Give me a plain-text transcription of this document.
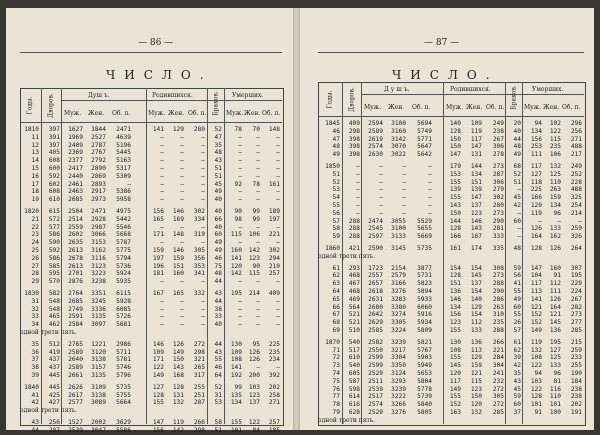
— 86 —
ЧИСЛО.
Годы. Дворов.	Душ ъ.	Родившихся.	Браков. Умерших.
Муж. Жен. Об. п.	Муж. Жен. Об. п.	Муж. Жен. Об. п.
1810	397	1627	1844	2471	141	129	280	52	78	70	148
11	391	1969	2527	4639	—	—	—	47	—	—	—
12	397	2409	2787	5196	—	—	—	35	—	—	—
13	405	2369	2767	5445	—	—	—	48	—	—	—
14	608	2377	2792	5163	—	—	—	43	—	—	—
15	600	2417	2890	5317	—	—	—	51	—	—	—
16	592	2440	2869	5309	—	—	—	51	—	—	—
17	602	2461	2893	—	—	—	—	45	92	78	161
18	608	2463	2917	5386	—	—	—	49	—	—	—
19	610	2685	2973	5958	—	—	—	40	—	—	—
1820	615	2504	2471	4975	156	146	302	40	90	99	189
21	572	2514	2928	5442	165	169	334	66	98	99	197
22	577	2559	2987	5546	—	—	—	40	—	—	—
23	586	2602	3066	5668	171	148	319	60	115	106	221
24	590	2635	3153	5787	—	—	—	49	—	—	—
25	592	2613	3162	5775	159	146	305	49	160	142	302
26	586	2678	3116	5794	197	159	356	46	141	123	294
27	585	2613	3123	5736	196	151	353	75	120	90	210
28	595	2701	3223	5924	181	160	341	48	142	115	257
29	570	2876	3238	5935	—	—	—	44	—	—	—
1830	582	2764	3351	6115	167	165	332	43	195	214	409
31	548	2685	3245	5928	—	—	—	44	—	—	—
32	548	2749	3336	6085	—	—	—	38	—	—	—
33	465	2591	3135	5726	—	—	—	33	—	—	—
34	462	2584	3097	5681	—	—	—	40	—	—	—
одной трети пять.
35	512	2765	1221	2986	146	126	272	44	130	95	225
36	419	2589	3120	5711	109	149	298	43	109	126	235
37	437	2640	3138	5781	171	150	321	55	108	126	234
38	437	2589	3157	5746	122	143	265	46	141	—	—
39	445	2661	3135	5796	149	168	317	64	192	200	392
1840	445	2626	3109	5735	127	128	255	52	99	103	202
41	425	2617	3138	5755	128	131	251	31	135	123	258
42	427	2577	3089	5664	155	132	287	53	134	137	271
одной трети пять.
43	256	1527	2002	3629	147	119	266	58	155	122	257
44	287	2539	3047	5586	156	142	298	51	101	84	185
— 87 —
ЧИСЛО.
Годы.	Дворов.	Д у ш ъ.	Родившихся.	Браков. Умерших.
Муж. Жен. Об. п.	Муж. Жен. Об. п.	Муж. Жен. Об. п.
1845	409	2594	3100	5694	140	109	249	20	94	102	296
46	298	2589	3160	5749	128	119	238	40	134	122	256
47	398	2619	3142	5771	150	117	267	44	156	115	271
48	398	2574	3070	5647	150	147	306	48	253	235	488
49	398	2630	3022	5642	147	131	278	49	111	106	217
1850	—	—	—	—	179	144	273	68	117	132	249
51	—	—	—	—	153	134	287	52	127	125	252
52	—	—	—	—	155	151	306	51	118	110	228
53	—	—	—	—	139	139	279	—	225	263	488
54	—	—	—	—	155	147	302	45	166	159	325
55	—	—	—	—	143	137	280	42	120	134	254
56	—	—	—	—	150	123	273	—	119	96	214
57	288	2474	3055	5529	144	146	290	60	—	—	—
58	288	2545	3100	5655	128	143	281	—	126	133	259
59	288	2597	3133	5669	166	167	333	—	164	162	326
1860	421	2590	3145	5735	161	174	335	48	128	126	264
одной трети пять.
61	293	1723	2154	3877	154	154	308	59	147	160	307
62	468	2557	2579	5731	128	145	273	56	104	91	195
63	467	2657	3166	5823	151	137	288	41	117	112	229
64	468	2618	3276	5894	136	154	290	55	113	111	224
65	469	2631	3283	5933	146	140	286	49	141	126	267
66	564	2680	3380	6060	134	129	263	60	121	164	282
67	521	2642	3274	5916	156	154	310	55	152	121	273
68	521	2629	3305	5934	123	112	235	26	152	145	277
69	510	2585	3224	5809	155	133	288	57	149	136	285
1870	540	2582	3239	5821	130	136	266	61	119	195	215
71	517	2550	3217	5767	108	113	221	62	132	127	259
72	610	2599	3304	5903	155	129	284	39	108	125	233
73	540	2599	3350	5949	145	159	304	42	122	133	255
74	605	2529	3124	5653	120	121	241	35	94	96	190
75	587	2511	3293	5804	117	115	232	43	103	81	184
76	598	2539	3239	5778	149	123	272	45	122	116	238
77	614	2517	3222	5739	155	150	305	59	128	110	238
78	616	2574	3266	5840	152	120	272	60	101	101	202
79	628	2529	3276	5805	163	132	285	37	91	100	191
одной трети пять.
